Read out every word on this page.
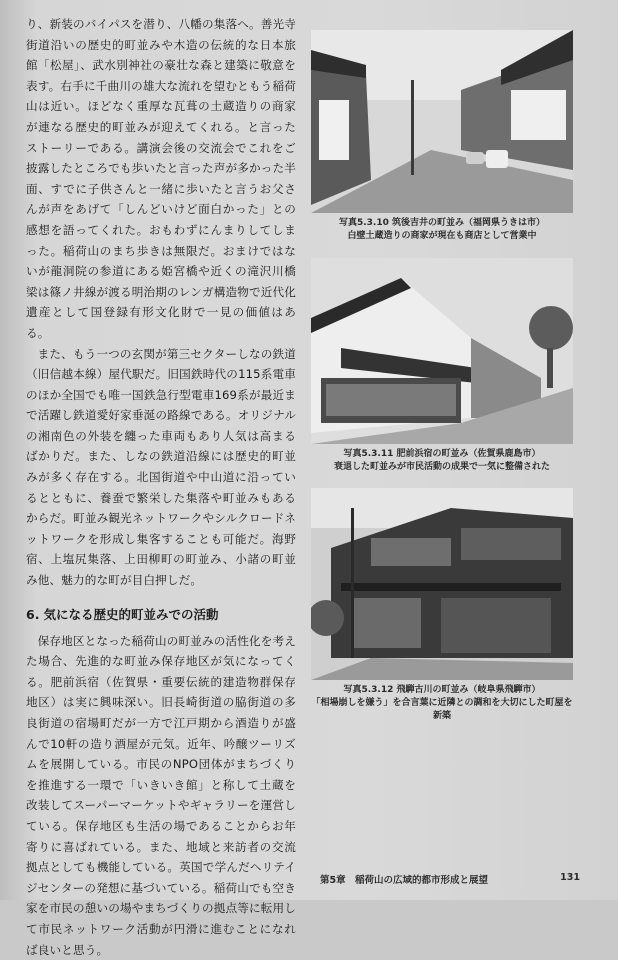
り、新装のバイパスを潜り、八幡の集落へ。善光寺街道沿いの歴史的町並みや木造の伝統的な日本旅館「松屋」、武水別神社の豪壮な森と建築に敬意を表す。右手に千曲川の雄大な流れを望むともう稲荷山は近い。ほどなく重厚な瓦葺の土蔵造りの商家が連なる歴史的町並みが迎えてくれる。と言ったストーリーである。講演会後の交流会でこれをご披露したところでも歩いたと言った声が多かった半面、すでに子供さんと一緒に歩いたと言うお父さんが声をあげて「しんどいけど面白かった」との感想を語ってくれた。おもわずにんまりしてしまった。稲荷山のまち歩きは無限だ。おまけではないが龍洞院の参道にある姫宮橋や近くの滝沢川橋梁は篠ノ井線が渡る明治期のレンガ構造物で近代化遺産として国登録有形文化財で一見の価値はある。

また、もう一つの玄関が第三セクターしなの鉄道（旧信越本線）屋代駅だ。旧国鉄時代の115系電車のほか全国でも唯一国鉄急行型電車169系が最近まで活躍し鉄道愛好家垂涎の路線である。オリジナルの湘南色の外装を纏った車両もあり人気は高まるばかりだ。また、しなの鉄道沿線には歴史的町並みが多く存在する。北国街道や中山道に沿っているとともに、養蚕で繁栄した集落や町並みもあるからだ。町並み観光ネットワークやシルクロードネットワークを形成し集客することも可能だ。海野宿、上塩尻集落、上田柳町の町並み、小諸の町並み他、魅力的な町が目白押しだ。

6. 気になる歴史的町並みでの活動

保存地区となった稲荷山の町並みの活性化を考えた場合、先進的な町並み保存地区が気になってくる。肥前浜宿（佐賀県・重要伝統的建造物群保存地区）は実に興味深い。旧長崎街道の脇街道の多良街道の宿場町だが一方で江戸期から酒造りが盛んで10軒の造り酒屋が元気。近年、吟醸ツーリズムを展開している。市民のNPO団体がまちづくりを推進する一環で「いきいき館」と称して土蔵を改装してスーパーマーケットやギャラリーを運営している。保存地区も生活の場であることからお年寄りに喜ばれている。また、地域と来訪者の交流拠点としても機能している。英国で学んだヘリテイジセンターの発想に基づいている。稲荷山でも空き家を市民の憩いの場やまちづくりの拠点等に転用して市民ネットワーク活動が円滑に進むことになれば良いと思う。

写真5.3.10 筑後吉井の町並み（福岡県うきは市）
白壁土蔵造りの商家が現在も商店として営業中
写真5.3.11 肥前浜宿の町並み（佐賀県鹿島市）
衰退した町並みが市民活動の成果で一気に整備された
写真5.3.12 飛騨古川の町並み（岐阜県飛騨市）
「相場崩しを嫌う」を合言葉に近隣との調和を大切にした町屋を新築
第5章 稲荷山の広域的都市形成と展望	131
